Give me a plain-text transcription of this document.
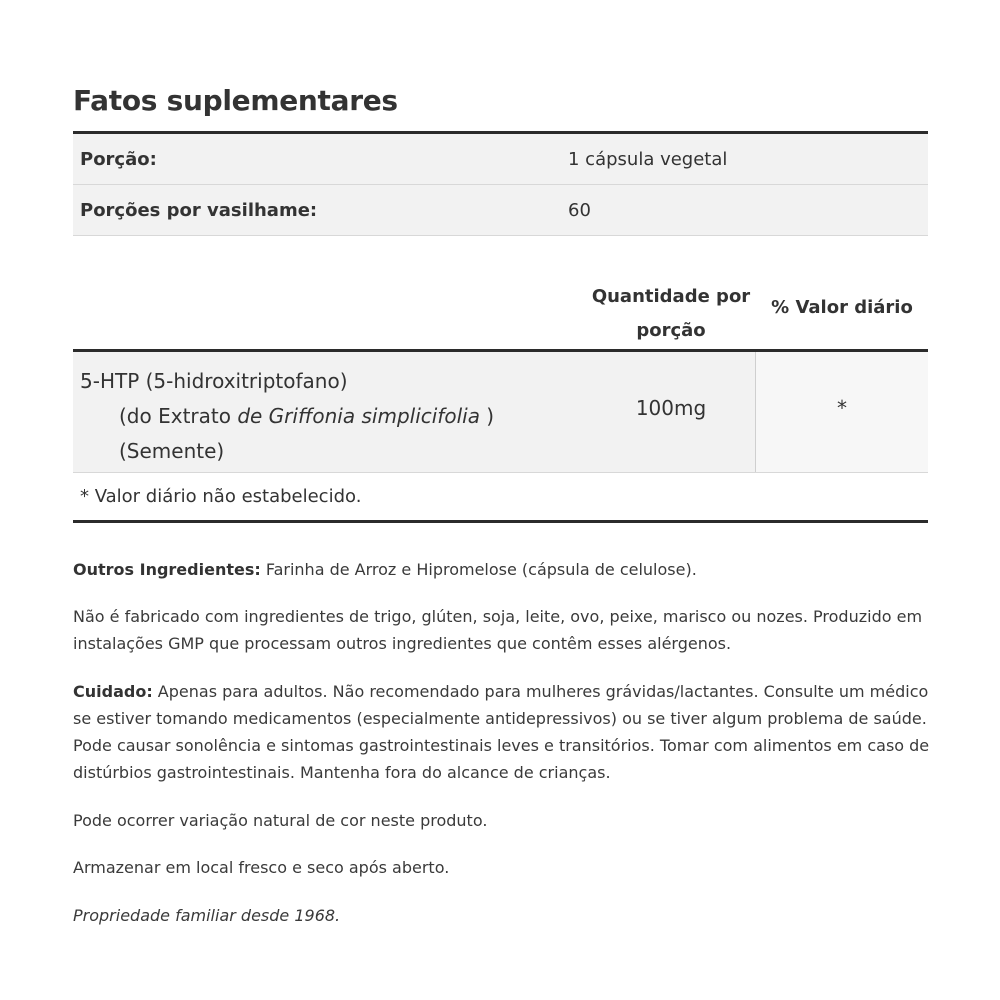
Fatos suplementares
Porção:	1 cápsula vegetal
Porções por vasilhame:	60
Quantidade por
porção
% Valor diário
5-HTP (5-hidroxitriptofano)
(do Extrato de Griffonia simplicifolia )
(Semente)
100mg	*
* Valor diário não estabelecido.
Outros Ingredientes: Farinha de Arroz e Hipromelose (cápsula de celulose).
Não é fabricado com ingredientes de trigo, glúten, soja, leite, ovo, peixe, marisco ou nozes. Produzido em
instalações GMP que processam outros ingredientes que contêm esses alérgenos.
Cuidado: Apenas para adultos. Não recomendado para mulheres grávidas/lactantes. Consulte um médico
se estiver tomando medicamentos (especialmente antidepressivos) ou se tiver algum problema de saúde.
Pode causar sonolência e sintomas gastrointestinais leves e transitórios. Tomar com alimentos em caso de
distúrbios gastrointestinais. Mantenha fora do alcance de crianças.
Pode ocorrer variação natural de cor neste produto.
Armazenar em local fresco e seco após aberto.
Propriedade familiar desde 1968.
